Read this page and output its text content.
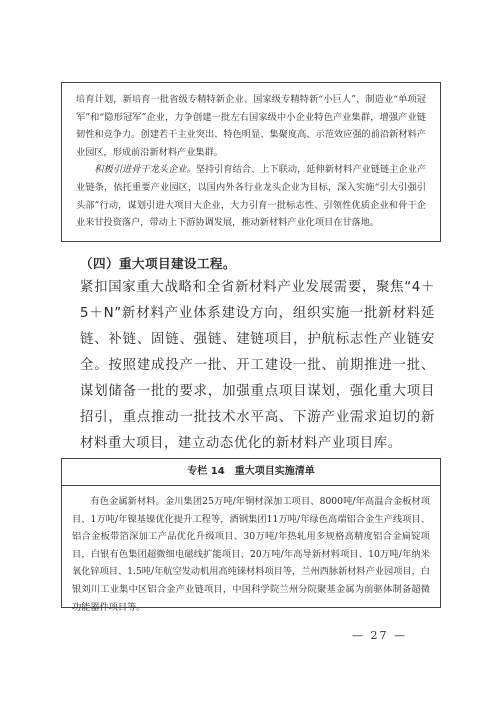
培育计划，新培育一批省级专精特新企业、国家级专精特新“小巨人”、制造业“单项冠军”和“隐形冠军”企业，力争创建一批左右国家级中小企业特色产业集群，增强产业链韧性和竞争力。创建若干主业突出、特色明显、集聚度高、示范效应强的前沿新材料产业园区，形成前沿新材料产业集群。

积极引进骨干龙头企业。坚持引育结合、上下联动，延伸新材料产业链链主企业产业链条，依托重要产业园区，以国内外各行业龙头企业为目标，深入实施“引大引强引头部”行动，谋划引进大项目大企业，大力引育一批标志性、引领性优质企业和骨干企业来甘投资落户，带动上下游协调发展，推动新材料产业化项目在甘落地。

（四）重大项目建设工程。

紧扣国家重大战略和全省新材料产业发展需要，聚焦“4＋5＋N”新材料产业体系建设方向，组织实施一批新材料延链、补链、固链、强链、建链项目，护航标志性产业链安全。按照建成投产一批、开工建设一批、前期推进一批、谋划储备一批的要求，加强重点项目谋划，强化重大项目招引，重点推动一批技术水平高、下游产业需求迫切的新材料重大项目，建立动态优化的新材料产业项目库。

专栏 14 重大项目实施清单

有色金属新材料。金川集团25万吨/年铜材深加工项目、8000吨/年高温合金板材项目、1万吨/年镍基镍优化提升工程等，酒钢集团11万吨/年绿色高端铝合金生产线项目、铝合金板带箔深加工产品优化升级项目、30万吨/年热轧用多规格高精度铝合金扁锭项目，白银有色集团超微细电磁线扩能项目、20万吨/年高导新材料项目、10万吨/年纳米氧化锌项目、1.5吨/年航空发动机用高纯铼材料项目等，兰州西脉新材料产业园项目，白银刘川工业集中区铝合金产业链项目，中国科学院兰州分院聚基金属为前驱体制备超微功能器件项目等。

— 27 —
